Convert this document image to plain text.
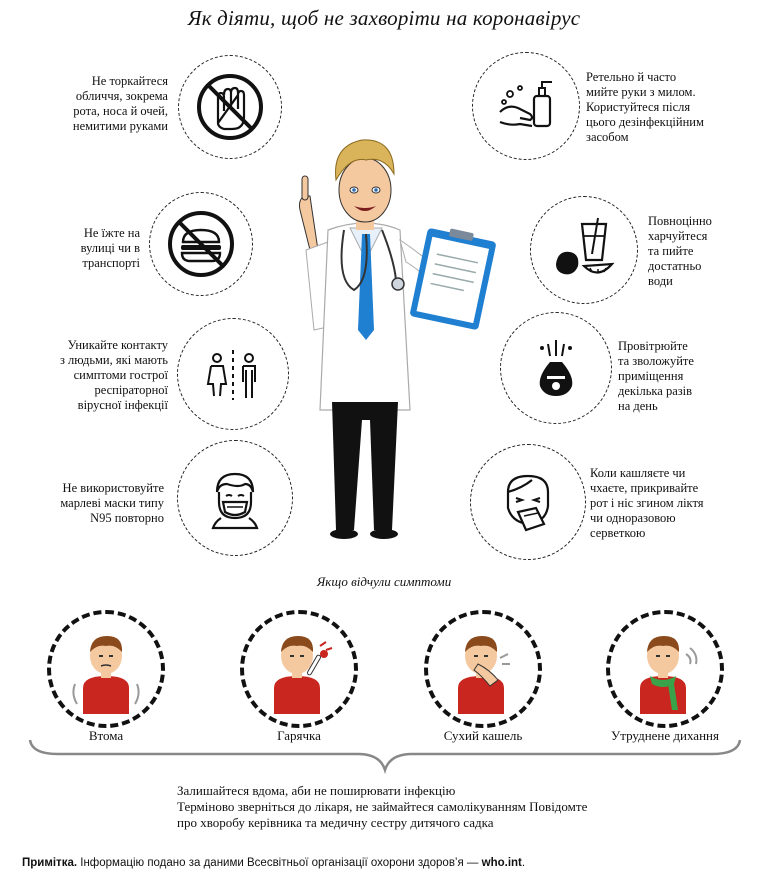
Як діяти, щоб не захворіти на коронавірус
Не торкайтеся
обличчя, зокрема
рота, носа й очей,
немитими руками
Не їжте на
вулиці чи в
транспорті
Уникайте контакту
з людьми, які мають
симптоми гострої
респіраторної
вірусної інфекції
Не використовуйте
марлеві маски типу
N95 повторно
Ретельно й часто
мийте руки з милом.
Користуйтеся після
цього дезінфекційним
засобом
Повноцінно
харчуйтеся
та пийте
достатньо
води
Провітрюйте
та зволожуйте
приміщення
декілька разів
на день
Коли кашляєте чи
чхаєте, прикривайте
рот і ніс згином ліктя
чи одноразовою
серветкою
Якщо відчули симптоми
Втома	Гарячка	Сухий кашель	Утруднене дихання
Залишайтеся вдома, аби не поширювати інфекцію
Терміново зверніться до лікаря, не займайтеся самолікуванням Повідомте
про хворобу керівника та медичну сестру дитячого садка
Примітка. Інформацію подано за даними Всесвітньої організації охорони здоров’я — who.int.
